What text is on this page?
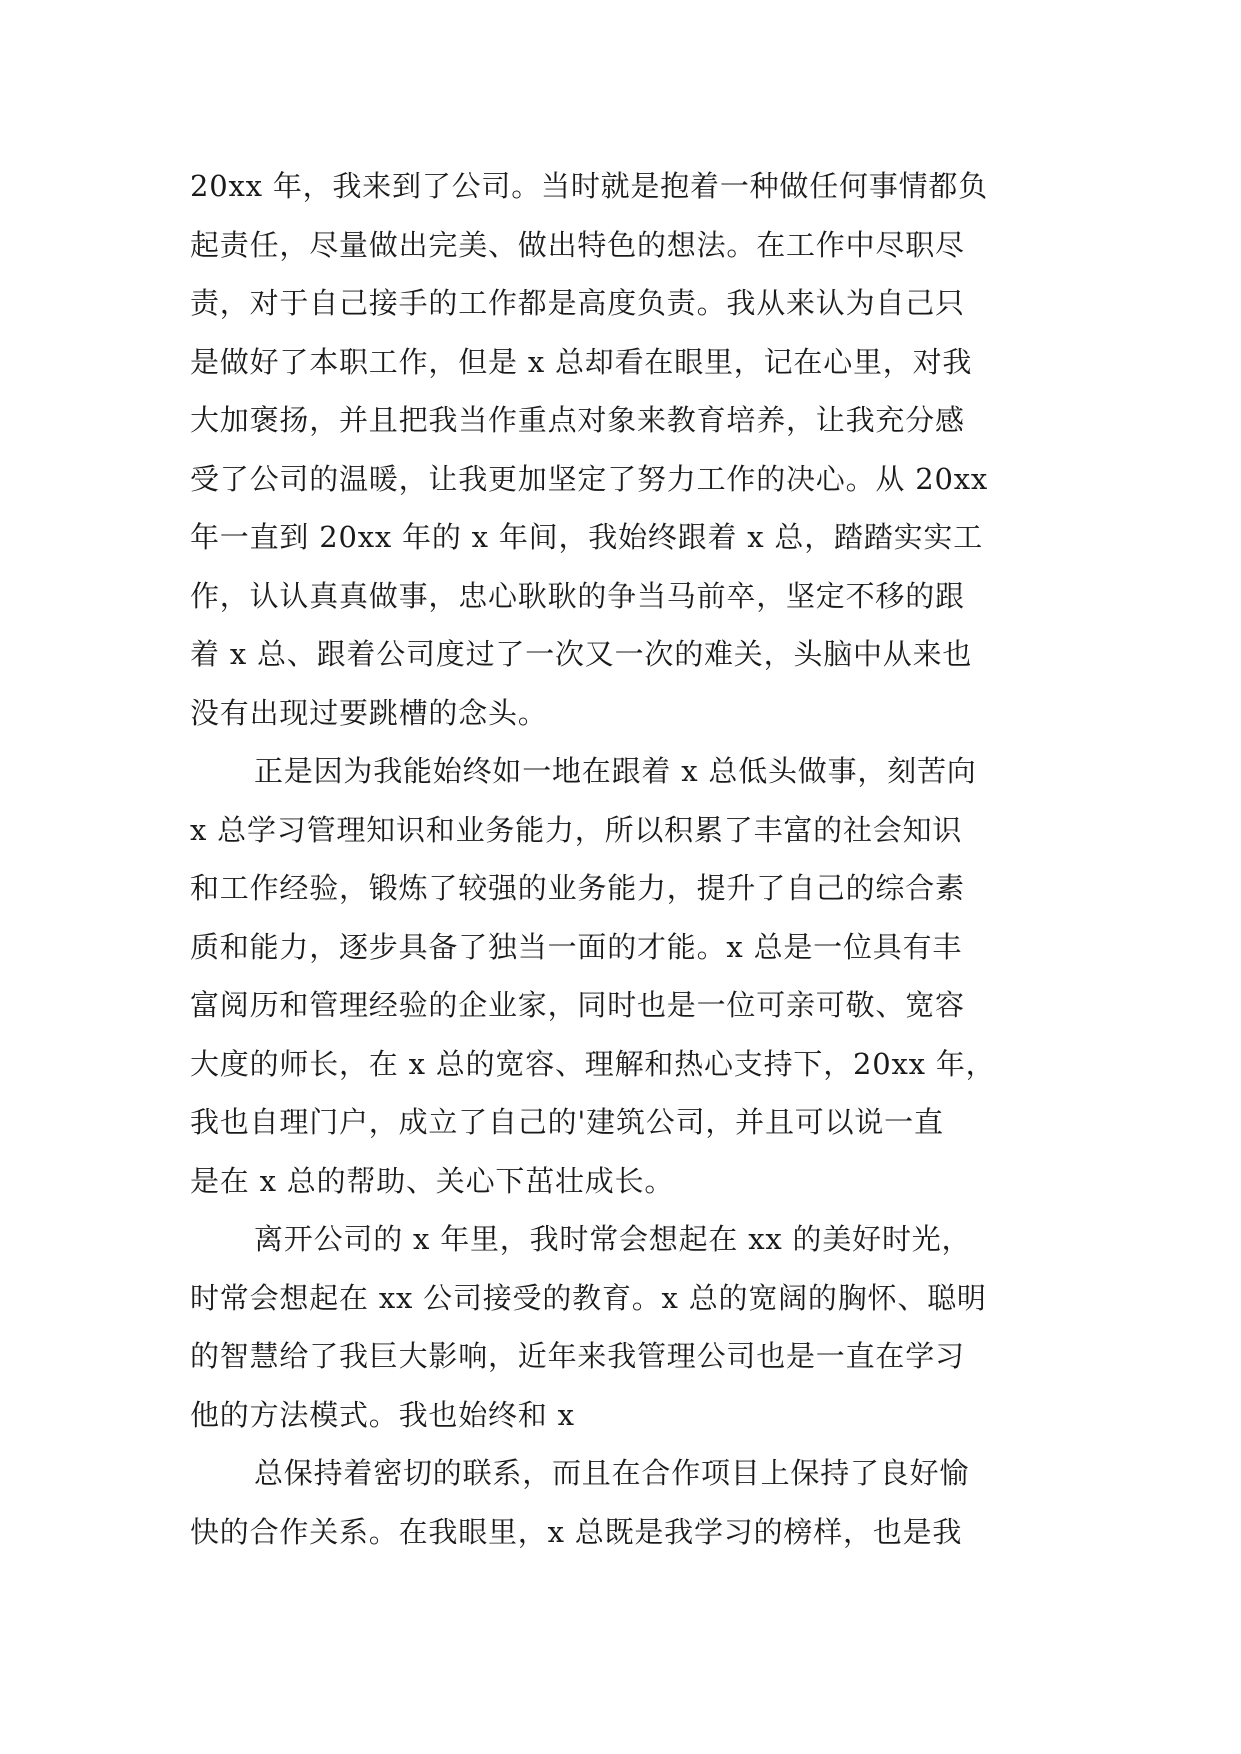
20xx 年，我来到了公司。当时就是抱着一种做任何事情都负
起责任，尽量做出完美、做出特色的想法。在工作中尽职尽
责，对于自己接手的工作都是高度负责。我从来认为自己只
是做好了本职工作，但是 x 总却看在眼里，记在心里，对我
大加褒扬，并且把我当作重点对象来教育培养，让我充分感
受了公司的温暖，让我更加坚定了努力工作的决心。从 20xx
年一直到 20xx 年的 x 年间，我始终跟着 x 总，踏踏实实工
作，认认真真做事，忠心耿耿的争当马前卒，坚定不移的跟
着 x 总、跟着公司度过了一次又一次的难关，头脑中从来也
没有出现过要跳槽的念头。
正是因为我能始终如一地在跟着 x 总低头做事，刻苦向
x 总学习管理知识和业务能力，所以积累了丰富的社会知识
和工作经验，锻炼了较强的业务能力，提升了自己的综合素
质和能力，逐步具备了独当一面的才能。x 总是一位具有丰
富阅历和管理经验的企业家，同时也是一位可亲可敬、宽容
大度的师长，在 x 总的宽容、理解和热心支持下，20xx 年，
我也自理门户，成立了自己的'建筑公司，并且可以说一直
是在 x 总的帮助、关心下茁壮成长。
离开公司的 x 年里，我时常会想起在 xx 的美好时光，
时常会想起在 xx 公司接受的教育。x 总的宽阔的胸怀、聪明
的智慧给了我巨大影响，近年来我管理公司也是一直在学习
他的方法模式。我也始终和 x
总保持着密切的联系，而且在合作项目上保持了良好愉
快的合作关系。在我眼里，x 总既是我学习的榜样，也是我
